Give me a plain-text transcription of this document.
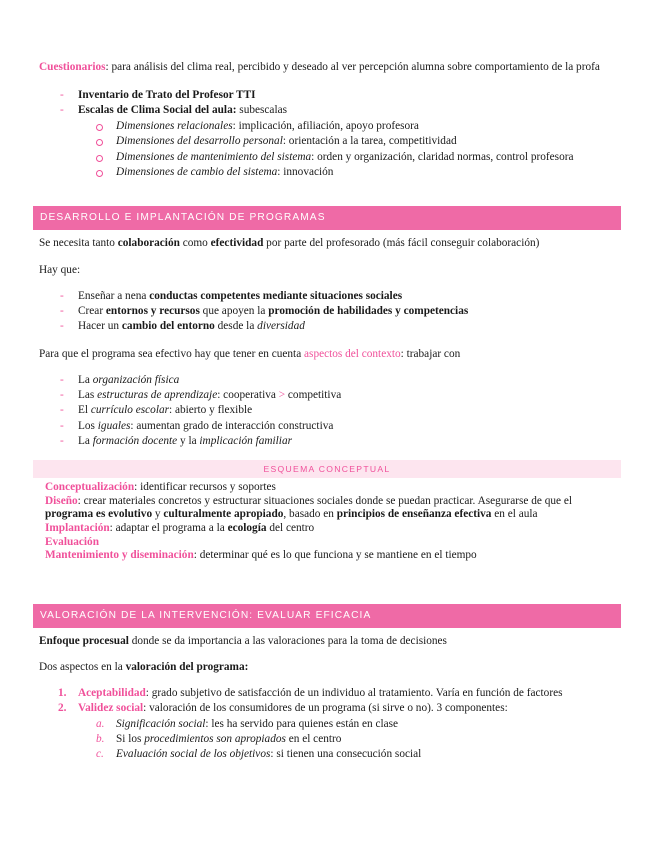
Cuestionarios: para análisis del clima real, percibido y deseado al ver percepción alumna sobre comportamiento de la profa
- Inventario de Trato del Profesor TTI
- Escalas de Clima Social del aula: subescalas
Dimensiones relacionales: implicación, afiliación, apoyo profesora
Dimensiones del desarrollo personal: orientación a la tarea, competitividad
Dimensiones de mantenimiento del sistema: orden y organización, claridad normas, control profesora
Dimensiones de cambio del sistema: innovación
DESARROLLO E IMPLANTACIÓN DE PROGRAMAS
Se necesita tanto colaboración como efectividad por parte del profesorado (más fácil conseguir colaboración)
Hay que:
- Enseñar a nena conductas competentes mediante situaciones sociales
- Crear entornos y recursos que apoyen la promoción de habilidades y competencias
- Hacer un cambio del entorno desde la diversidad
Para que el programa sea efectivo hay que tener en cuenta aspectos del contexto: trabajar con
- La organización física
- Las estructuras de aprendizaje: cooperativa > competitiva
- El currículo escolar: abierto y flexible
- Los iguales: aumentan grado de interacción constructiva
- La formación docente y la implicación familiar
ESQUEMA CONCEPTUAL
Conceptualización: identificar recursos y soportes
Diseño: crear materiales concretos y estructurar situaciones sociales donde se puedan practicar. Asegurarse de que el
programa es evolutivo y culturalmente apropiado, basado en principios de enseñanza efectiva en el aula
Implantación: adaptar el programa a la ecología del centro
Evaluación
Mantenimiento y diseminación: determinar qué es lo que funciona y se mantiene en el tiempo
VALORACIÓN DE LA INTERVENCIÓN: EVALUAR EFICACIA
Enfoque procesual donde se da importancia a las valoraciones para la toma de decisiones
Dos aspectos en la valoración del programa:
1. Aceptabilidad: grado subjetivo de satisfacción de un individuo al tratamiento. Varía en función de factores
2. Validez social: valoración de los consumidores de un programa (si sirve o no). 3 componentes:
a. Significación social: les ha servido para quienes están en clase
b. Si los procedimientos son apropiados en el centro
c. Evaluación social de los objetivos: si tienen una consecución social
